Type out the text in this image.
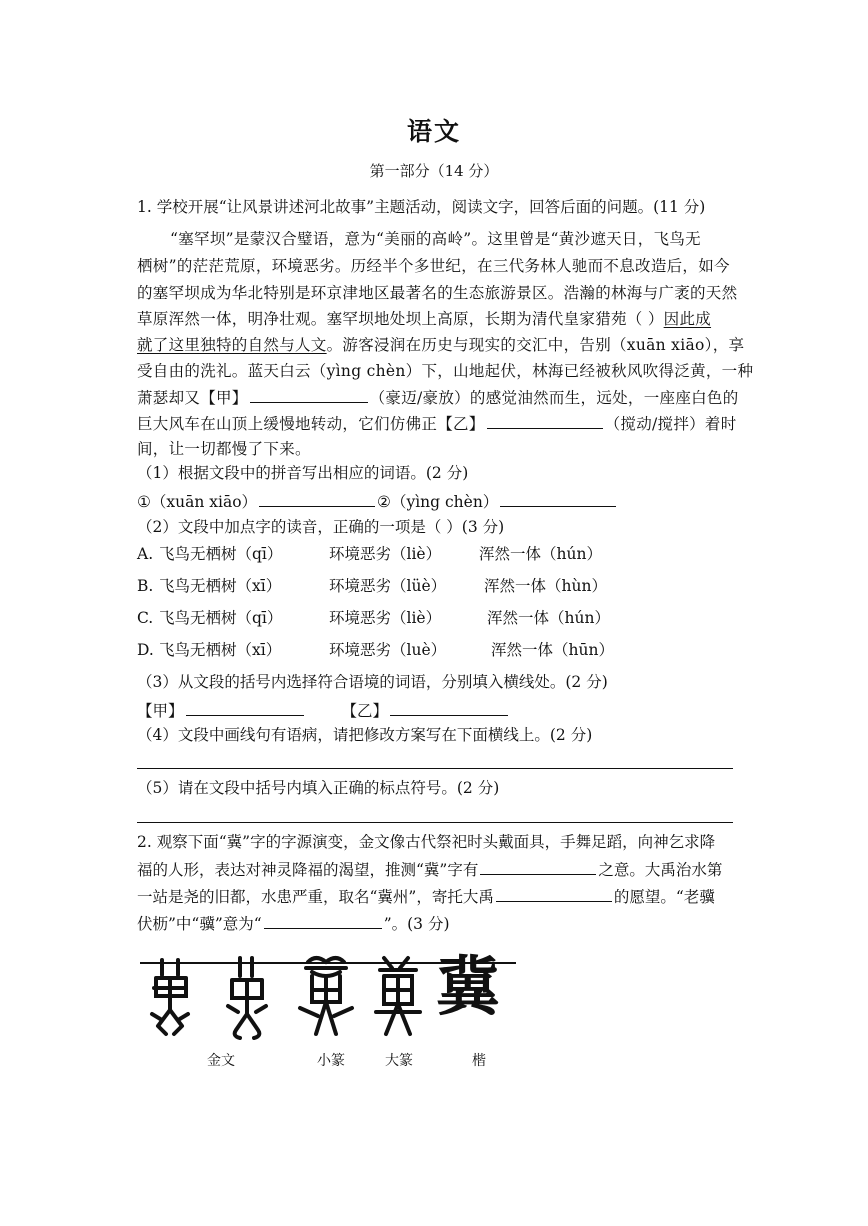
语文
第一部分（14 分）
1. 学校开展“让风景讲述河北故事”主题活动，阅读文字，回答后面的问题。(11 分)
“塞罕坝”是蒙汉合璧语，意为“美丽的高岭”。这里曾是“黄沙遮天日，飞鸟无
栖树”的茫茫荒原，环境恶劣。历经半个多世纪，在三代务林人驰而不息改造后，如今
的塞罕坝成为华北特别是环京津地区最著名的生态旅游景区。浩瀚的林海与广袤的天然
草原浑然一体，明净壮观。塞罕坝地处坝上高原，长期为清代皇家猎苑（ ）因此成
就了这里独特的自然与人文。游客浸润在历史与现实的交汇中，告别（xuān xiāo），享
受自由的洗礼。蓝天白云（yìng chèn）下，山地起伏，林海已经被秋风吹得泛黄，一种
萧瑟却又【甲】	（豪迈/豪放）的感觉油然而生，远处，一座座白色的
巨大风车在山顶上缓慢地转动，它们仿佛正【乙】	（搅动/搅拌）着时
间，让一切都慢了下来。
（1）根据文段中的拼音写出相应的词语。(2 分)
①（xuān xiāo）	②（yìng chèn）
（2）文段中加点字的读音，正确的一项是（ ）(3 分)
A. 飞鸟无栖树（qī）	环境恶劣（liè） 浑然一体（hún）
B. 飞鸟无栖树（xī）	环境恶劣（lüè） 浑然一体（hùn）
C. 飞鸟无栖树（qī）	环境恶劣（liè）	浑然一体（hún）
D. 飞鸟无栖树（xī）	环境恶劣（luè）	浑然一体（hūn）
（3）从文段的括号内选择符合语境的词语，分别填入横线处。(2 分)
【甲】	【乙】
（4）文段中画线句有语病，请把修改方案写在下面横线上。(2 分)
（5）请在文段中括号内填入正确的标点符号。(2 分)
2. 观察下面“冀”字的字源演变，金文像古代祭祀时头戴面具，手舞足蹈，向神乞求降
福的人形，表达对神灵降福的渴望，推测“冀”字有	之意。大禹治水第
一站是尧的旧都，水患严重，取名“冀州”，寄托大禹	的愿望。“老骥
伏枥”中“骥”意为“	”。(3 分)
冀
金文	小篆	大篆	楷
